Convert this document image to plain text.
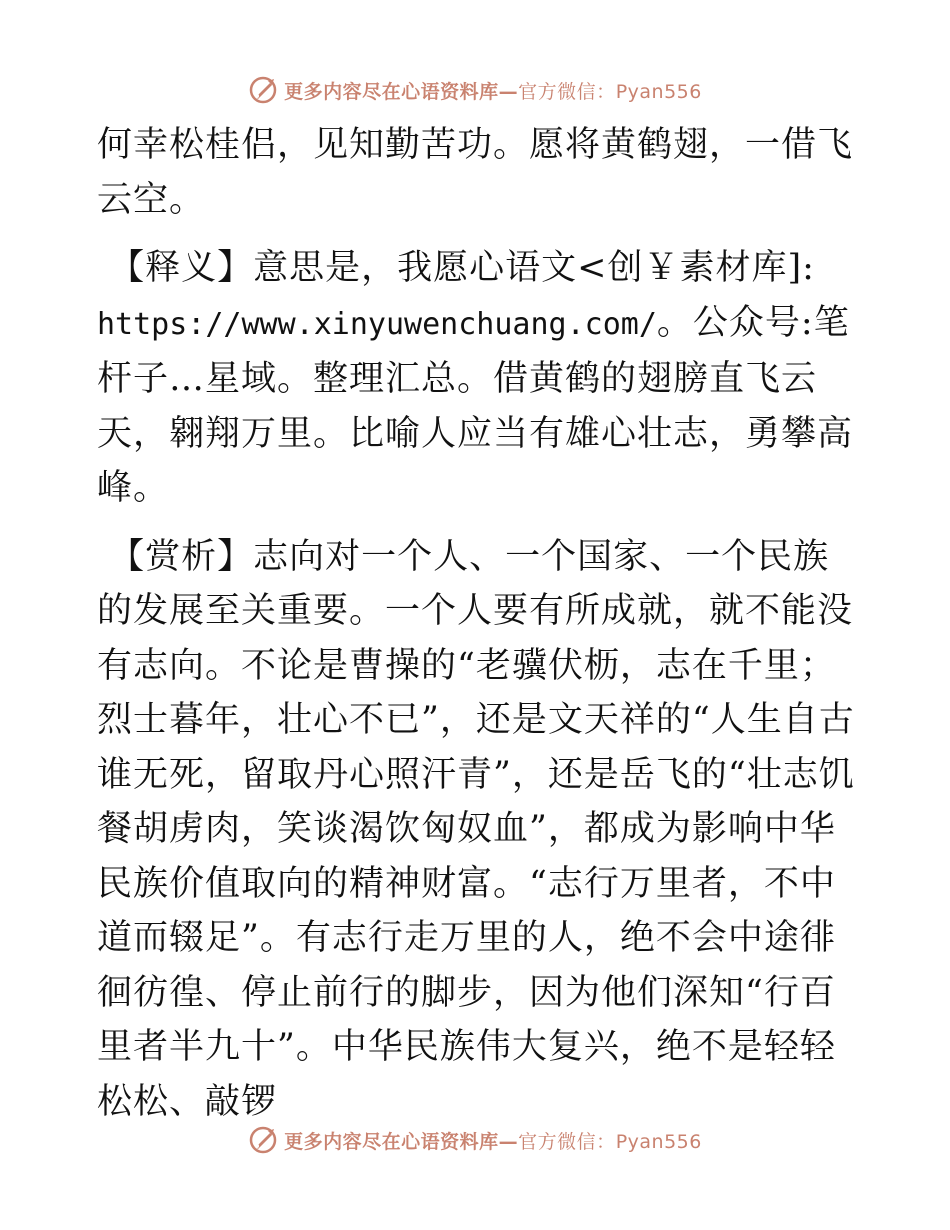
更多内容尽在心语资料库—官方微信：Pyan556

何幸松桂侣，见知勤苦功。愿将黄鹤翅，一借飞云空。

【释义】意思是，我愿心语文<创￥素材库]:
https://www.xinyuwenchuang.com/。公众号:笔杆子…星域。整理汇总。借黄鹤的翅膀直飞云天，翱翔万里。比喻人应当有雄心壮志，勇攀高峰。

【赏析】志向对一个人、一个国家、一个民族的发展至关重要。一个人要有所成就，就不能没有志向。不论是曹操的“老骥伏枥，志在千里；烈士暮年，壮心不已”，还是文天祥的“人生自古谁无死，留取丹心照汗青”，还是岳飞的“壮志饥餐胡虏肉，笑谈渴饮匈奴血”，都成为影响中华民族价值取向的精神财富。“志行万里者，不中道而辍足”。有志行走万里的人，绝不会中途徘徊彷徨、停止前行的脚步，因为他们深知“行百里者半九十”。中华民族伟大复兴，绝不是轻轻松松、敲锣

更多内容尽在心语资料库—官方微信：Pyan556
